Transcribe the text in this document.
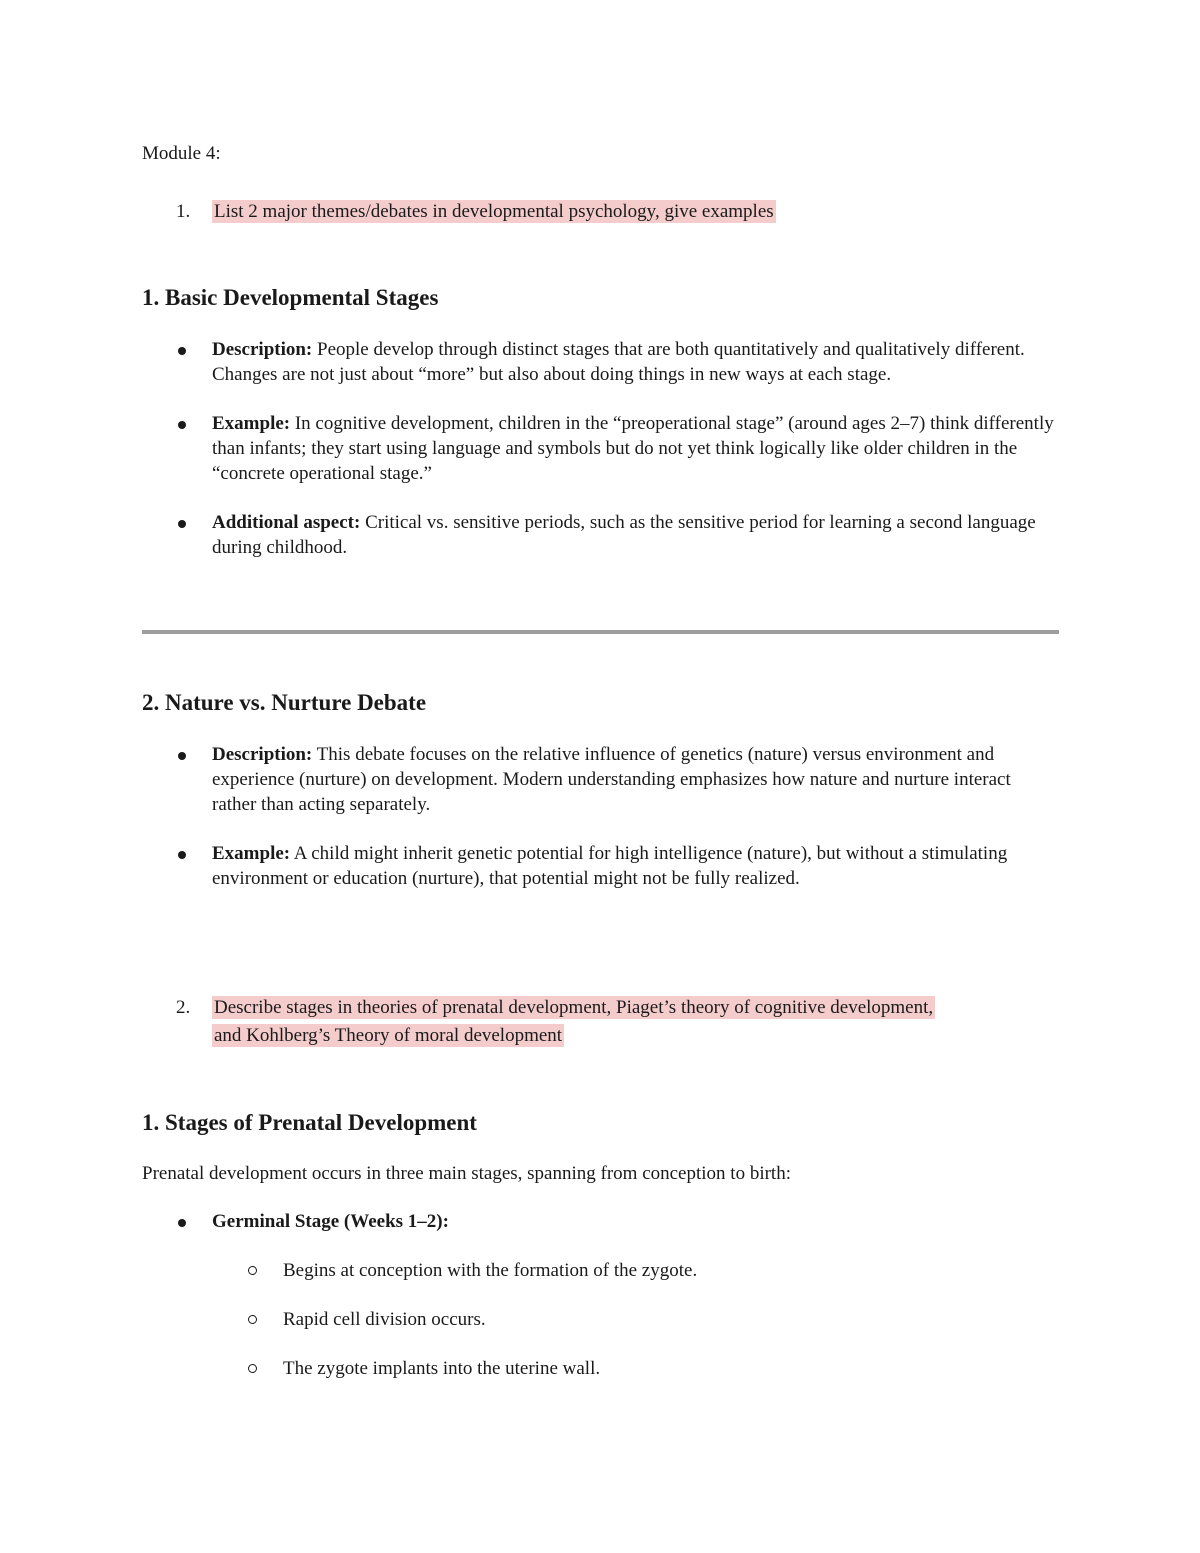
Module 4:
1. List 2 major themes/debates in developmental psychology, give examples
1. Basic Developmental Stages

Description: People develop through distinct stages that are both quantitatively and qualitatively different. Changes are not just about “more” but also about doing things in new ways at each stage.

Example: In cognitive development, children in the “preoperational stage” (around ages 2–7) think differently than infants; they start using language and symbols but do not yet think logically like older children in the “concrete operational stage.”

Additional aspect: Critical vs. sensitive periods, such as the sensitive period for learning a second language during childhood.

2. Nature vs. Nurture Debate

Description: This debate focuses on the relative influence of genetics (nature) versus environment and experience (nurture) on development. Modern understanding emphasizes how nature and nurture interact rather than acting separately.

Example: A child might inherit genetic potential for high intelligence (nature), but without a stimulating environment or education (nurture), that potential might not be fully realized.

2. Describe stages in theories of prenatal development, Piaget’s theory of cognitive development,
and Kohlberg’s Theory of moral development
1. Stages of Prenatal Development
Prenatal development occurs in three main stages, spanning from conception to birth:

Germinal Stage (Weeks 1–2):

Begins at conception with the formation of the zygote.

Rapid cell division occurs.

The zygote implants into the uterine wall.
